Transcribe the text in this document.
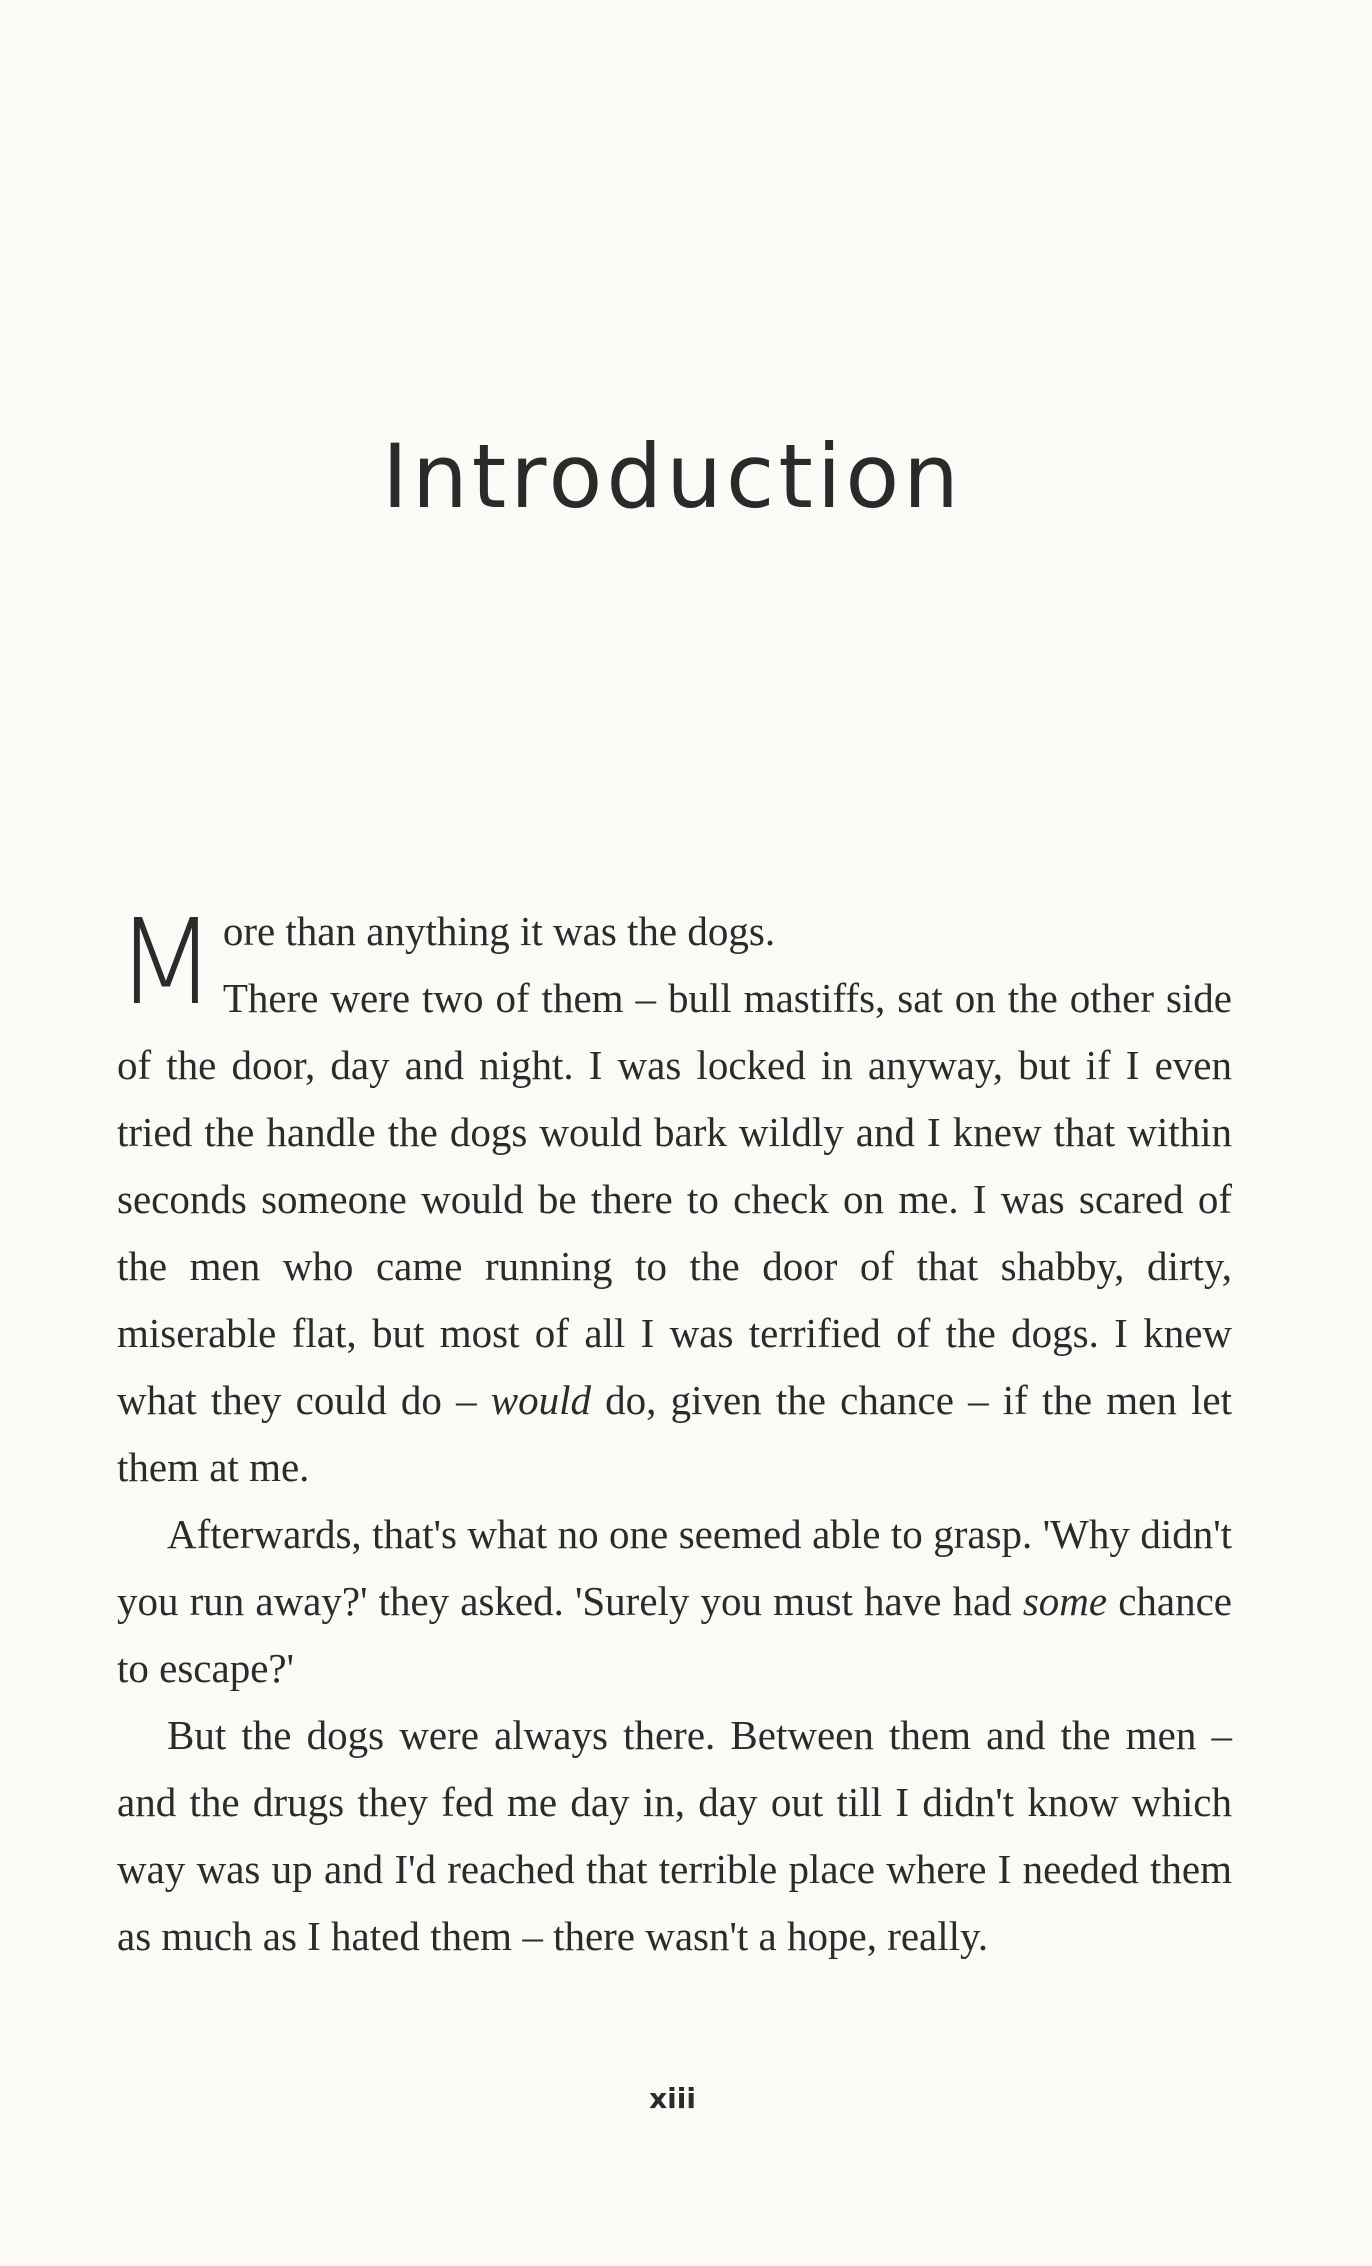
Introduction

More than anything it was the dogs.
There were two of them – bull mastiffs, sat on the other side of the door, day and night. I was locked in anyway, but if I even tried the handle the dogs would bark wildly and I knew that within seconds someone would be there to check on me. I was scared of the men who came running to the door of that shabby, dirty, miserable flat, but most of all I was terrified of the dogs. I knew what they could do – would do, given the chance – if the men let them at me.

Afterwards, that's what no one seemed able to grasp. 'Why didn't you run away?' they asked. 'Surely you must have had some chance to escape?'

But the dogs were always there. Between them and the men – and the drugs they fed me day in, day out till I didn't know which way was up and I'd reached that terrible place where I needed them as much as I hated them – there wasn't a hope, really.

xiii
